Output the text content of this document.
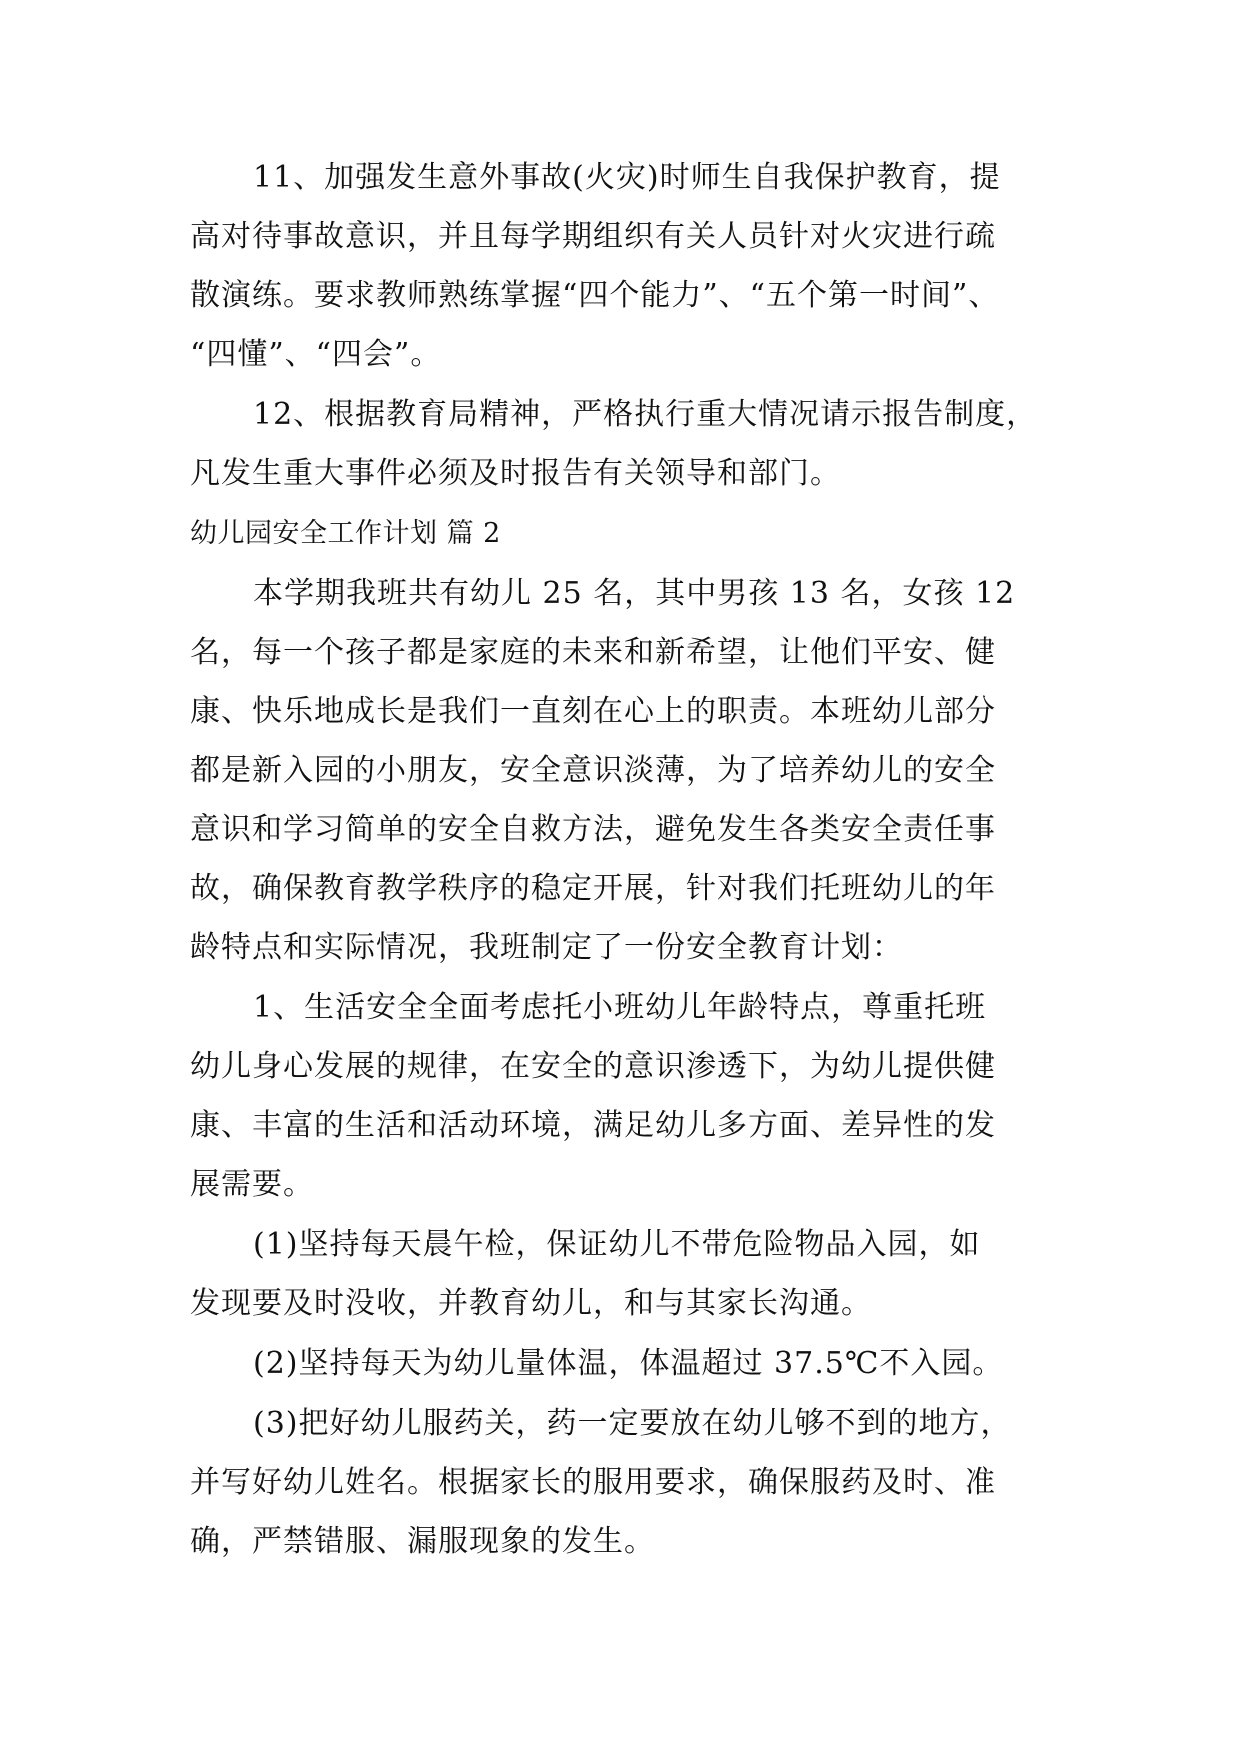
11、加强发生意外事故(火灾)时师生自我保护教育，提
高对待事故意识，并且每学期组织有关人员针对火灾进行疏
散演练。要求教师熟练掌握“四个能力”、“五个第一时间”、
“四懂”、“四会”。
12、根据教育局精神，严格执行重大情况请示报告制度，
凡发生重大事件必须及时报告有关领导和部门。
幼儿园安全工作计划 篇 2
本学期我班共有幼儿 25 名，其中男孩 13 名，女孩 12
名，每一个孩子都是家庭的未来和新希望，让他们平安、健
康、快乐地成长是我们一直刻在心上的职责。本班幼儿部分
都是新入园的小朋友，安全意识淡薄，为了培养幼儿的安全
意识和学习简单的安全自救方法，避免发生各类安全责任事
故，确保教育教学秩序的稳定开展，针对我们托班幼儿的年
龄特点和实际情况，我班制定了一份安全教育计划：
1、生活安全全面考虑托小班幼儿年龄特点，尊重托班
幼儿身心发展的规律，在安全的意识渗透下，为幼儿提供健
康、丰富的生活和活动环境，满足幼儿多方面、差异性的发
展需要。
(1)坚持每天晨午检，保证幼儿不带危险物品入园，如
发现要及时没收，并教育幼儿，和与其家长沟通。
(2)坚持每天为幼儿量体温，体温超过 37.5℃不入园。
(3)把好幼儿服药关，药一定要放在幼儿够不到的地方，
并写好幼儿姓名。根据家长的服用要求，确保服药及时、准
确，严禁错服、漏服现象的发生。
